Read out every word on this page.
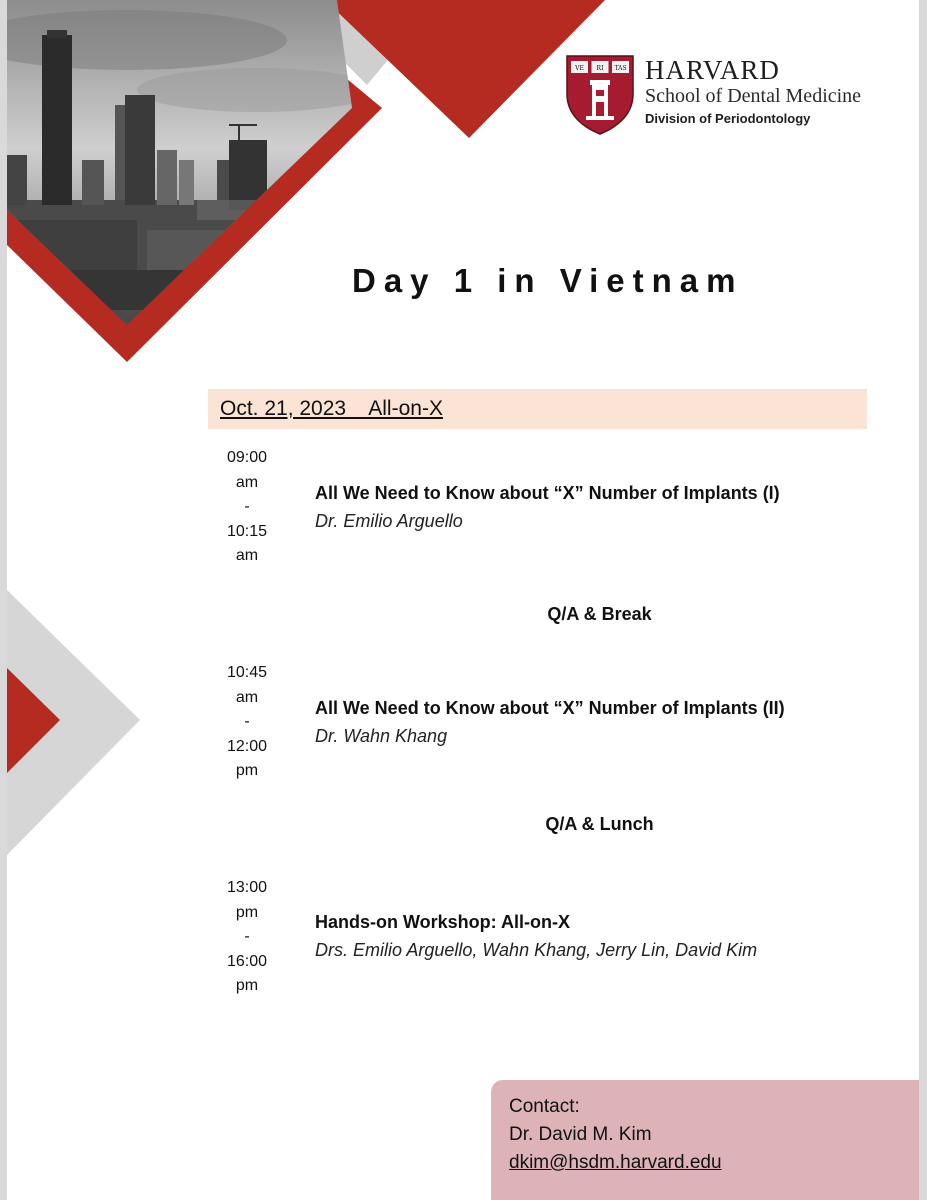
VE RI TAS HARVARD
School of Dental Medicine
Division of Periodontology
Day 1 in Vietnam
Oct. 21, 2023    All-on-X
09:00
am
-
10:15
am
All We Need to Know about “X” Number of Implants (I)
Dr. Emilio Arguello
Q/A & Break
10:45
am
-
12:00
pm
All We Need to Know about “X” Number of Implants (II)
Dr. Wahn Khang
Q/A & Lunch
13:00
pm
-
16:00
pm
Hands-on Workshop: All-on-X
Drs. Emilio Arguello, Wahn Khang, Jerry Lin, David Kim
Contact:
Dr. David M. Kim
dkim@hsdm.harvard.edu
